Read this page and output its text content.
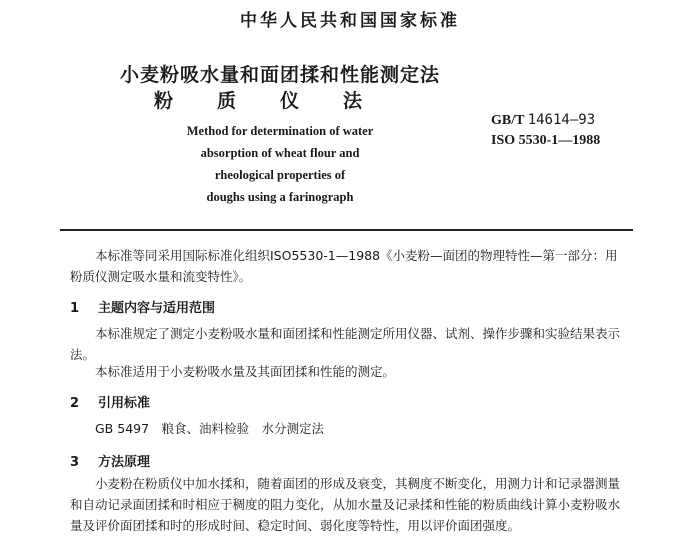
中华人民共和国国家标准
小麦粉吸水量和面团揉和性能测定法
粉质仪法
Method for determination of water
absorption of wheat flour and
rheological properties of
doughs using a farinograph
GB/T 14614—93
ISO 5530-1—1988
本标准等同采用国际标准化组织ISO5530-1—1988《小麦粉—面团的物理特性—第一部分：用粉质仪测定吸水量和流变特性》。
1 主题内容与适用范围
本标准规定了测定小麦粉吸水量和面团揉和性能测定所用仪器、试剂、操作步骤和实验结果表示法。
本标准适用于小麦粉吸水量及其面团揉和性能的测定。
2 引用标准
GB 5497　粮食、油料检验　水分测定法
3 方法原理
小麦粉在粉质仪中加水揉和，随着面团的形成及衰变，其稠度不断变化，用测力计和记录器测量和自动记录面团揉和时相应于稠度的阻力变化，从加水量及记录揉和性能的粉质曲线计算小麦粉吸水量及评价面团揉和时的形成时间、稳定时间、弱化度等特性，用以评价面团强度。
